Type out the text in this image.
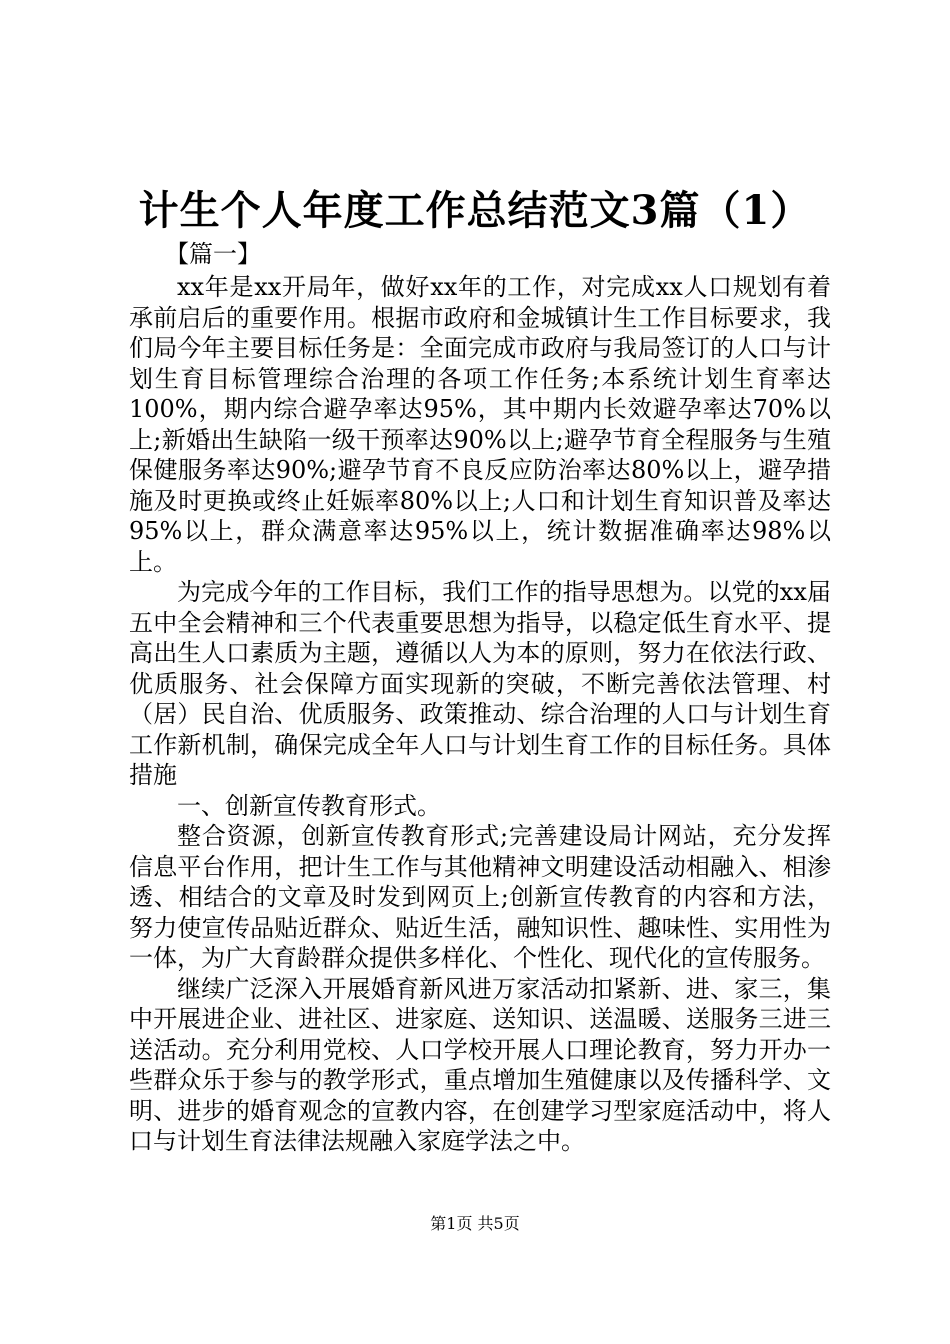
计生个人年度工作总结范文3篇（1）
【篇一】

xx年是xx开局年，做好xx年的工作，对完成xx人口规划有着承前启后的重要作用。根据市政府和金城镇计生工作目标要求，我们局今年主要目标任务是：全面完成市政府与我局签订的人口与计划生育目标管理综合治理的各项工作任务;本系统计划生育率达100%，期内综合避孕率达95%，其中期内长效避孕率达70%以上;新婚出生缺陷一级干预率达90%以上;避孕节育全程服务与生殖保健服务率达90%;避孕节育不良反应防治率达80%以上，避孕措施及时更换或终止妊娠率80%以上;人口和计划生育知识普及率达95%以上，群众满意率达95%以上，统计数据准确率达98%以上。

为完成今年的工作目标，我们工作的指导思想为。以党的xx届五中全会精神和三个代表重要思想为指导，以稳定低生育水平、提高出生人口素质为主题，遵循以人为本的原则，努力在依法行政、优质服务、社会保障方面实现新的突破，不断完善依法管理、村（居）民自治、优质服务、政策推动、综合治理的人口与计划生育工作新机制，确保完成全年人口与计划生育工作的目标任务。具体措施

一、创新宣传教育形式。

整合资源，创新宣传教育形式;完善建设局计网站，充分发挥信息平台作用，把计生工作与其他精神文明建设活动相融入、相渗透、相结合的文章及时发到网页上;创新宣传教育的内容和方法，努力使宣传品贴近群众、贴近生活，融知识性、趣味性、实用性为一体，为广大育龄群众提供多样化、个性化、现代化的宣传服务。

继续广泛深入开展婚育新风进万家活动扣紧新、进、家三，集中开展进企业、进社区、进家庭、送知识、送温暖、送服务三进三送活动。充分利用党校、人口学校开展人口理论教育，努力开办一些群众乐于参与的教学形式，重点增加生殖健康以及传播科学、文明、进步的婚育观念的宣教内容，在创建学习型家庭活动中，将人口与计划生育法律法规融入家庭学法之中。

第1页 共5页
